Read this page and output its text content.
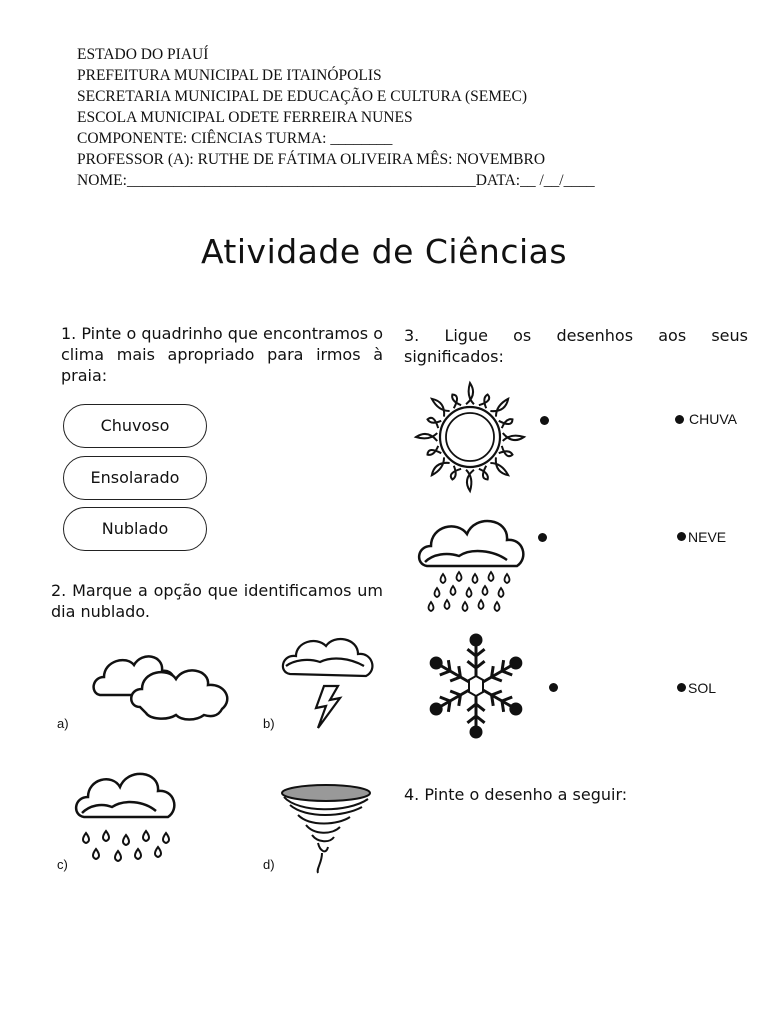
ESTADO DO PIAUÍ
PREFEITURA MUNICIPAL DE ITAINÓPOLIS
SECRETARIA MUNICIPAL DE EDUCAÇÃO E CULTURA (SEMEC)
ESCOLA MUNICIPAL ODETE FERREIRA NUNES
COMPONENTE: CIÊNCIAS TURMA: ________
PROFESSOR (A): RUTHE DE FÁTIMA OLIVEIRA MÊS: NOVEMBRO
NOME:_____________________________________________DATA:__ /__/____
Atividade de Ciências
1. Pinte o quadrinho que encontramos o clima mais apropriado para irmos à praia:
Chuvoso
Ensolarado
Nublado
2. Marque a opção que identificamos um dia nublado.
a)	b)
c)	d)
3. Ligue os desenhos aos seus significados:
CHUVA
NEVE
SOL
4. Pinte o desenho a seguir:
